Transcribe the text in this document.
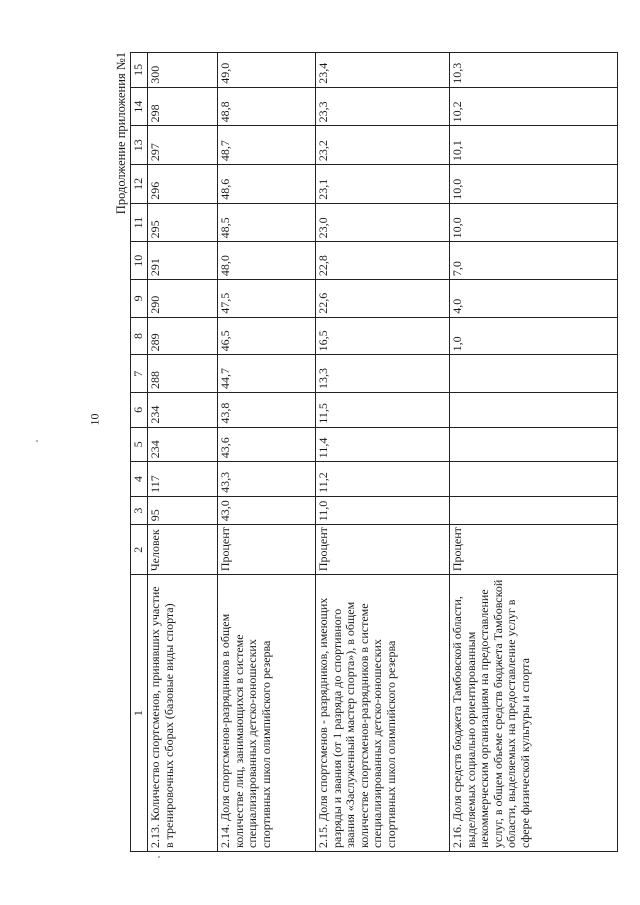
10
Продолжение приложения №1
1	2	3	4	5	6	7	8	9	10	11	12	13	14	15
2.13. Количество спортсменов, принявших участие в тренировочных сборах (базовые виды спорта)	Человек	95	117	234	234	288	289	290	291	295	296	297	298	300
2.14. Доля спортсменов-разрядников в общем количестве лиц, занимающихся в системе специализированных детско-юношеских спортивных школ олимпийского резерва	Процент	43,0	43,3	43,6	43,8	44,7	46,5	47,5	48,0	48,5	48,6	48,7	48,8	49,0
2.15. Доля спортсменов - разрядников, имеющих разряды и звания (от 1 разряда до спортивного звания «Заслуженный мастер спорта»), в общем количестве спортсменов-разрядников в системе специализированных детско-юношеских спортивных школ олимпийского резерва	Процент	11,0	11,2	11,4	11,5	13,3	16,5	22,6	22,8	23,0	23,1	23,2	23,3	23,4
2.16. Доля средств бюджета Тамбовской области, выделяемых социально ориентированным некоммерческим организациям на предоставление услуг, в общем объеме средств бюджета Тамбовской области, выделяемых на предоставление услуг в сфере физической культуры и спорта	Процент						1,0	4,0	7,0	10,0	10,0	10,1	10,2	10,3
